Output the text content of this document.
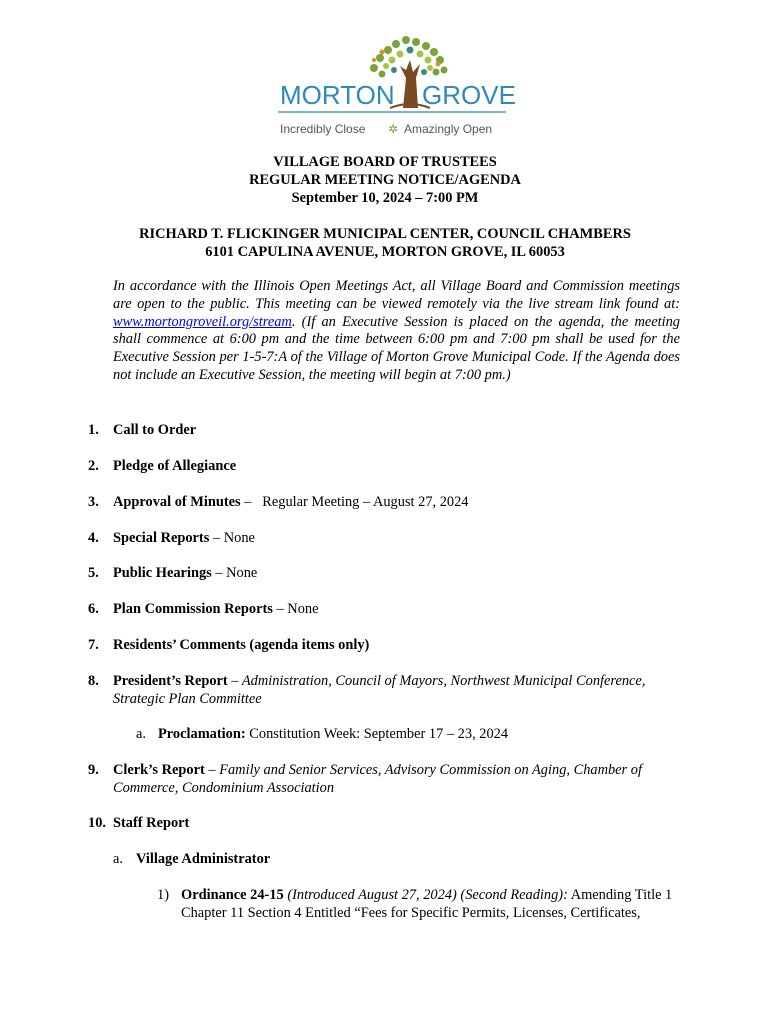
MORTON GROVE
Incredibly Close ✲ Amazingly Open
VILLAGE BOARD OF TRUSTEES
REGULAR MEETING NOTICE/AGENDA
September 10, 2024 – 7:00 PM
RICHARD T. FLICKINGER MUNICIPAL CENTER, COUNCIL CHAMBERS
6101 CAPULINA AVENUE, MORTON GROVE, IL 60053
In accordance with the Illinois Open Meetings Act, all Village Board and Commission meetings are open to the public. This meeting can be viewed remotely via the live stream link found at: www.mortongroveil.org/stream. (If an Executive Session is placed on the agenda, the meeting shall commence at 6:00 pm and the time between 6:00 pm and 7:00 pm shall be used for the Executive Session per 1-5-7:A of the Village of Morton Grove Municipal Code. If the Agenda does not include an Executive Session, the meeting will begin at 7:00 pm.)
1. Call to Order
2. Pledge of Allegiance
3. Approval of Minutes –   Regular Meeting – August 27, 2024
4. Special Reports – None
5. Public Hearings – None
6. Plan Commission Reports – None
7. Residents’ Comments (agenda items only)
8. President’s Report – Administration, Council of Mayors, Northwest Municipal Conference, Strategic Plan Committee
a. Proclamation: Constitution Week: September 17 – 23, 2024
9. Clerk’s Report – Family and Senior Services, Advisory Commission on Aging, Chamber of Commerce, Condominium Association
10. Staff Report
a. Village Administrator
1) Ordinance 24-15 (Introduced August 27, 2024) (Second Reading): Amending Title 1 Chapter 11 Section 4 Entitled “Fees for Specific Permits, Licenses, Certificates,
